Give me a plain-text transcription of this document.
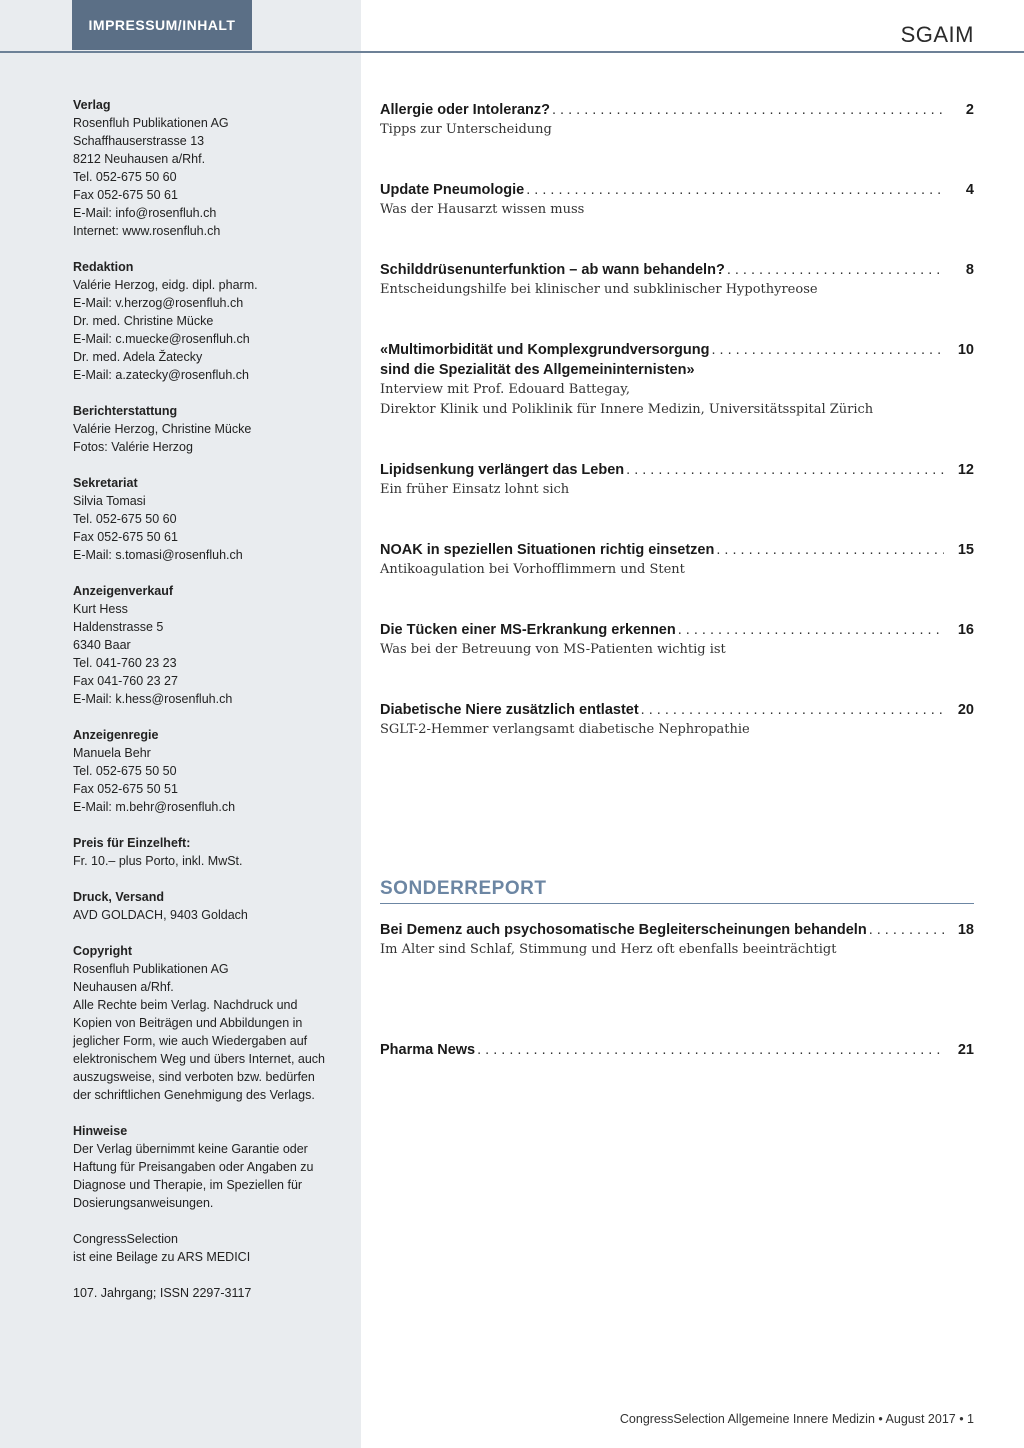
IMPRESSUM/INHALT	SGAIM
Verlag
Rosenfluh Publikationen AG
Schaffhauserstrasse 13
8212 Neuhausen a/Rhf.
Tel. 052-675 50 60
Fax 052-675 50 61
E-Mail: info@rosenfluh.ch
Internet: www.rosenfluh.ch
Redaktion
Valérie Herzog, eidg. dipl. pharm.
E-Mail: v.herzog@rosenfluh.ch
Dr. med. Christine Mücke
E-Mail: c.muecke@rosenfluh.ch
Dr. med. Adela Žatecky
E-Mail: a.zatecky@rosenfluh.ch
Berichterstattung
Valérie Herzog, Christine Mücke
Fotos: Valérie Herzog
Sekretariat
Silvia Tomasi
Tel. 052-675 50 60
Fax 052-675 50 61
E-Mail: s.tomasi@rosenfluh.ch
Anzeigenverkauf
Kurt Hess
Haldenstrasse 5
6340 Baar
Tel. 041-760 23 23
Fax 041-760 23 27
E-Mail: k.hess@rosenfluh.ch
Anzeigenregie
Manuela Behr
Tel. 052-675 50 50
Fax 052-675 50 51
E-Mail: m.behr@rosenfluh.ch
Preis für Einzelheft:
Fr. 10.– plus Porto, inkl. MwSt.
Druck, Versand
AVD GOLDACH, 9403 Goldach
Copyright
Rosenfluh Publikationen AG
Neuhausen a/Rhf.
Alle Rechte beim Verlag. Nachdruck und Kopien von Beiträgen und Abbildungen in jeglicher Form, wie auch Wiedergaben auf elektronischem Weg und übers Internet, auch auszugsweise, sind verboten bzw. bedürfen der schriftlichen Genehmigung des Verlags.
Hinweise
Der Verlag übernimmt keine Garantie oder Haftung für Preisangaben oder Angaben zu Diagnose und Therapie, im Speziellen für Dosierungsanweisungen.
CongressSelection
ist eine Beilage zu ARS MEDICI
107. Jahrgang; ISSN 2297-3117
Allergie oder Intoleranz? . . .	2
Tipps zur Unterscheidung
Update Pneumologie . . .	4
Was der Hausarzt wissen muss
Schilddrüsenunterfunktion – ab wann behandeln? . . .	8
Entscheidungshilfe bei klinischer und subklinischer Hypothyreose
«Multimorbidität und Komplexgrundversorgung . . .	10
sind die Spezialität des Allgemeininternisten»
Interview mit Prof. Edouard Battegay,
Direktor Klinik und Poliklinik für Innere Medizin, Universitätsspital Zürich
Lipidsenkung verlängert das Leben . . .	12
Ein früher Einsatz lohnt sich
NOAK in speziellen Situationen richtig einsetzen . . .	15
Antikoagulation bei Vorhofflimmern und Stent
Die Tücken einer MS-Erkrankung erkennen . . .	16
Was bei der Betreuung von MS-Patienten wichtig ist
Diabetische Niere zusätzlich entlastet . . .	20
SGLT-2-Hemmer verlangsamt diabetische Nephropathie
SONDERREPORT
Bei Demenz auch psychosomatische Begleiterscheinungen behandeln . . .	18
Im Alter sind Schlaf, Stimmung und Herz oft ebenfalls beeinträchtigt
Pharma News . . .	21
CongressSelection Allgemeine Innere Medizin • August 2017 • 1
